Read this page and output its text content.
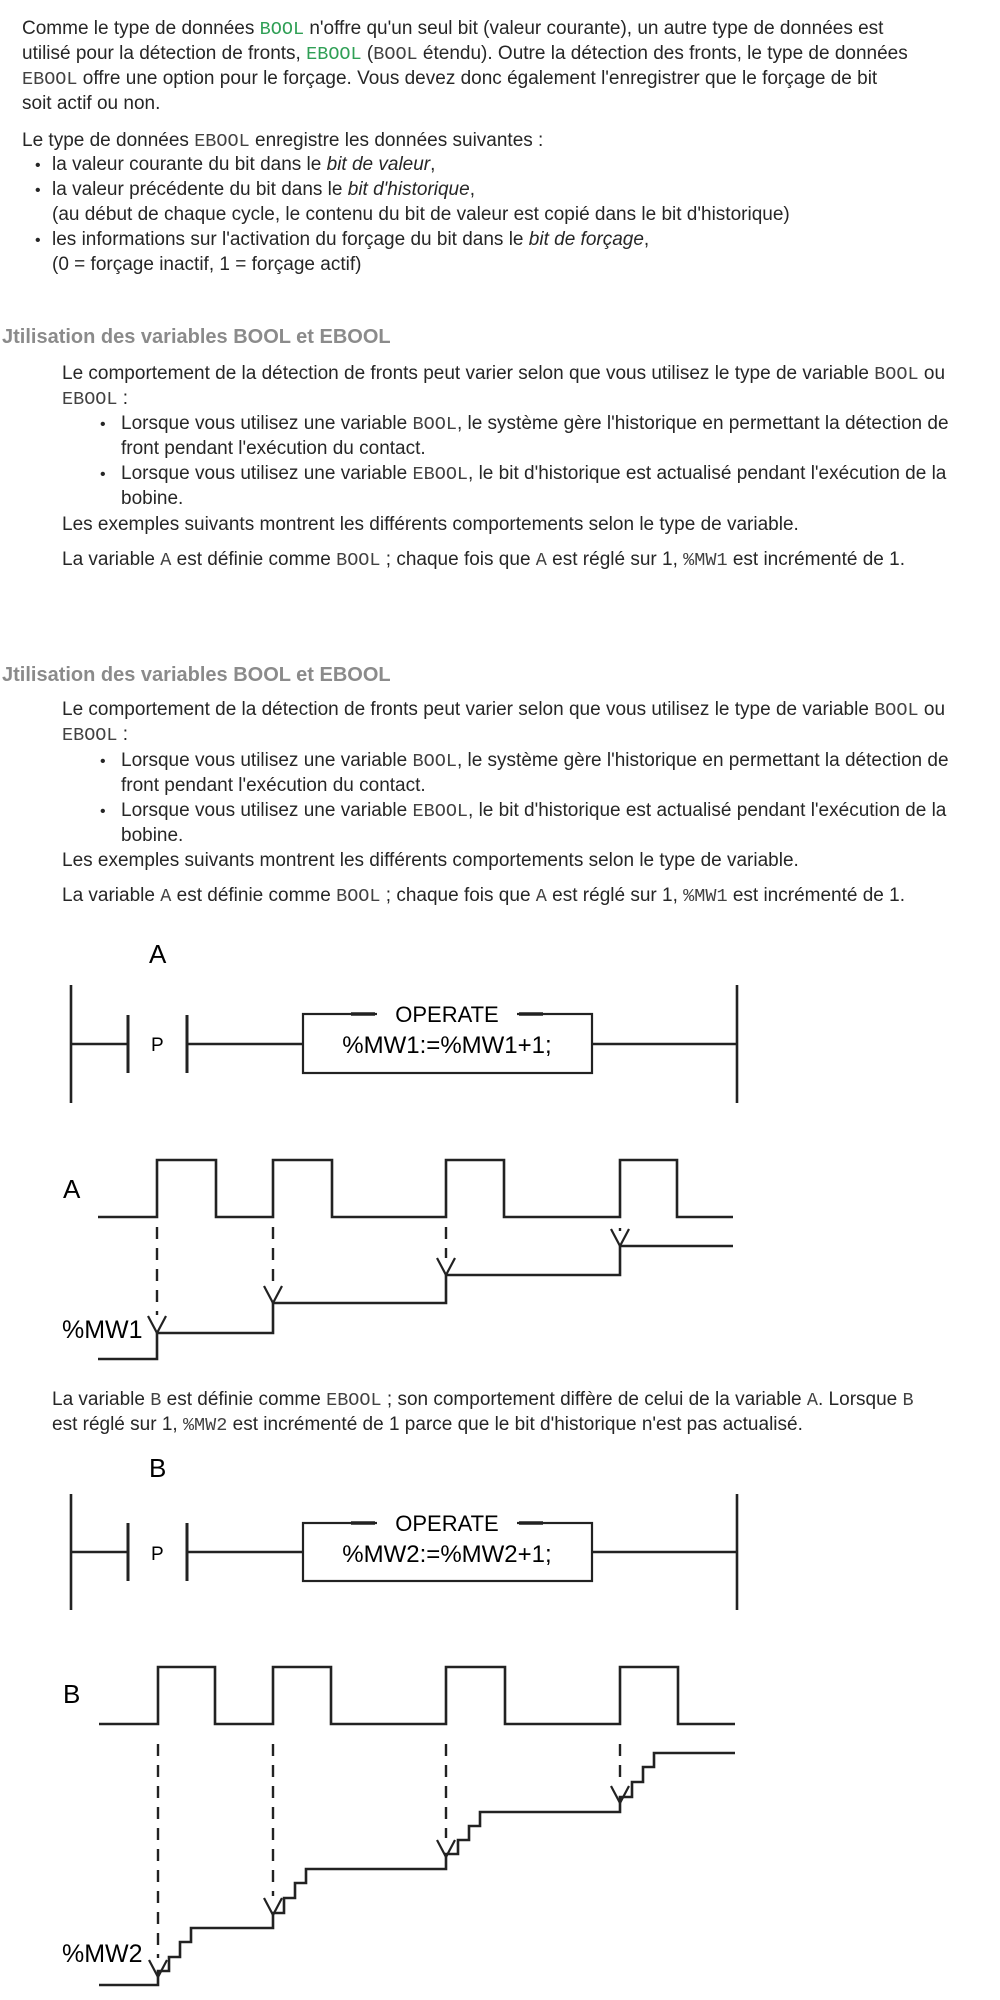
Comme le type de données BOOL n'offre qu'un seul bit (valeur courante), un autre type de données est
utilisé pour la détection de fronts, EBOOL (BOOL étendu). Outre la détection des fronts, le type de données
EBOOL offre une option pour le forçage. Vous devez donc également l'enregistrer que le forçage de bit
soit actif ou non.
Le type de données EBOOL enregistre les données suivantes :
• la valeur courante du bit dans le bit de valeur,
• la valeur précédente du bit dans le bit d'historique,
(au début de chaque cycle, le contenu du bit de valeur est copié dans le bit d'historique)
• les informations sur l'activation du forçage du bit dans le bit de forçage,
(0 = forçage inactif, 1 = forçage actif)
Jtilisation des variables BOOL et EBOOL
Le comportement de la détection de fronts peut varier selon que vous utilisez le type de variable BOOL ou
EBOOL :
• Lorsque vous utilisez une variable BOOL, le système gère l'historique en permettant la détection de
front pendant l'exécution du contact.
• Lorsque vous utilisez une variable EBOOL, le bit d'historique est actualisé pendant l'exécution de la
bobine.
Les exemples suivants montrent les différents comportements selon le type de variable.
La variable A est définie comme BOOL ; chaque fois que A est réglé sur 1, %MW1 est incrémenté de 1.
Jtilisation des variables BOOL et EBOOL
Le comportement de la détection de fronts peut varier selon que vous utilisez le type de variable BOOL ou
EBOOL :
• Lorsque vous utilisez une variable BOOL, le système gère l'historique en permettant la détection de
front pendant l'exécution du contact.
• Lorsque vous utilisez une variable EBOOL, le bit d'historique est actualisé pendant l'exécution de la
bobine.
Les exemples suivants montrent les différents comportements selon le type de variable.
La variable A est définie comme BOOL ; chaque fois que A est réglé sur 1, %MW1 est incrémenté de 1.
A
P
OPERATE
%MW1:=%MW1+1;
A
%MW1
La variable B est définie comme EBOOL ; son comportement diffère de celui de la variable A. Lorsque B
est réglé sur 1, %MW2 est incrémenté de 1 parce que le bit d'historique n'est pas actualisé.
B
P
OPERATE
%MW2:=%MW2+1;
B
%MW2
